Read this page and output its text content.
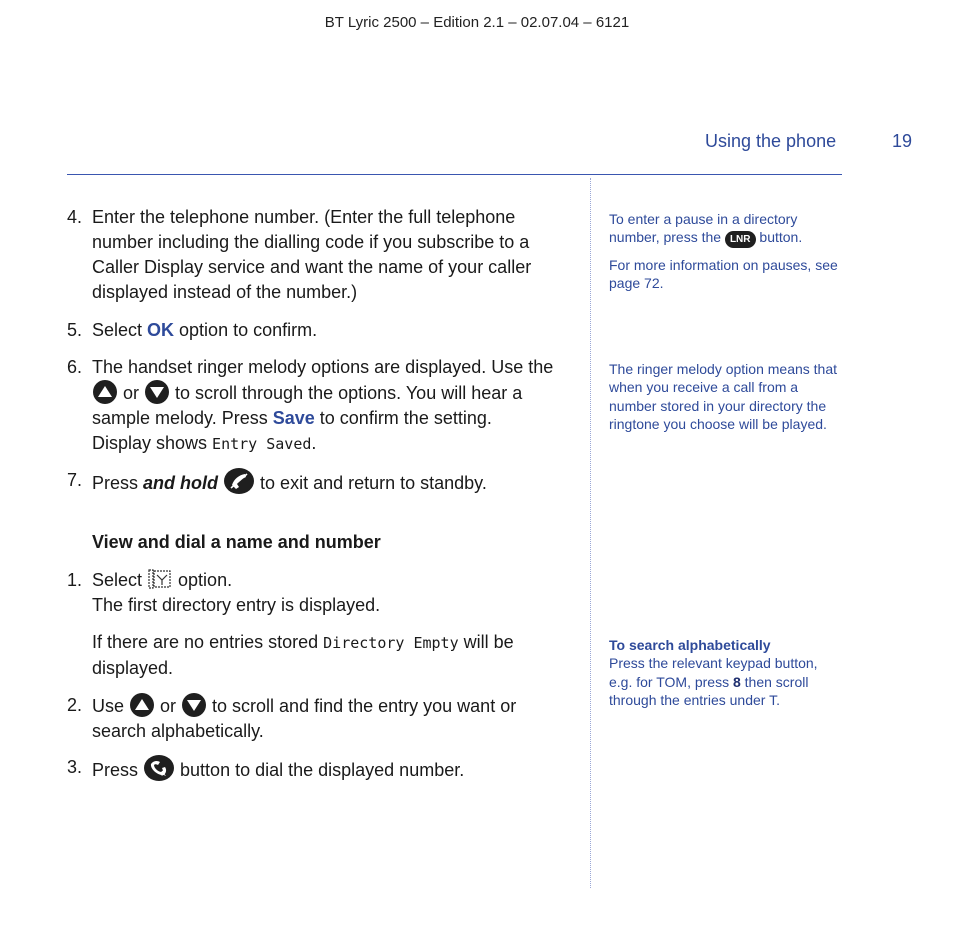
BT Lyric 2500 – Edition 2.1 – 02.07.04 – 6121
Using the phone	19
4. Enter the telephone number. (Enter the full telephone number including the dialling code if you subscribe to a Caller Display service and want the name of your caller displayed instead of the number.)
5. Select OK option to confirm.
6. The handset ringer melody options are displayed. Use the

or
to scroll through the options. You will hear a sample melody. Press Save to confirm the setting.
Display shows Entry Saved.
7. Press and hold
to exit and return to standby.
View and dial a name and number
1. Select  option.
The first directory entry is displayed.
If there are no entries stored Directory Empty will be displayed.
2. Use
or
to scroll and find the entry you want or search alphabetically.
3. Press	R button to dial the displayed number.
To enter a pause in a directory number, press the LNR button.
For more information on pauses, see page 72.
The ringer melody option means that when you receive a call from a number stored in your directory the ringtone you choose will be played.
To search alphabetically
Press the relevant keypad button, e.g. for TOM, press 8 then scroll through the entries under T.
